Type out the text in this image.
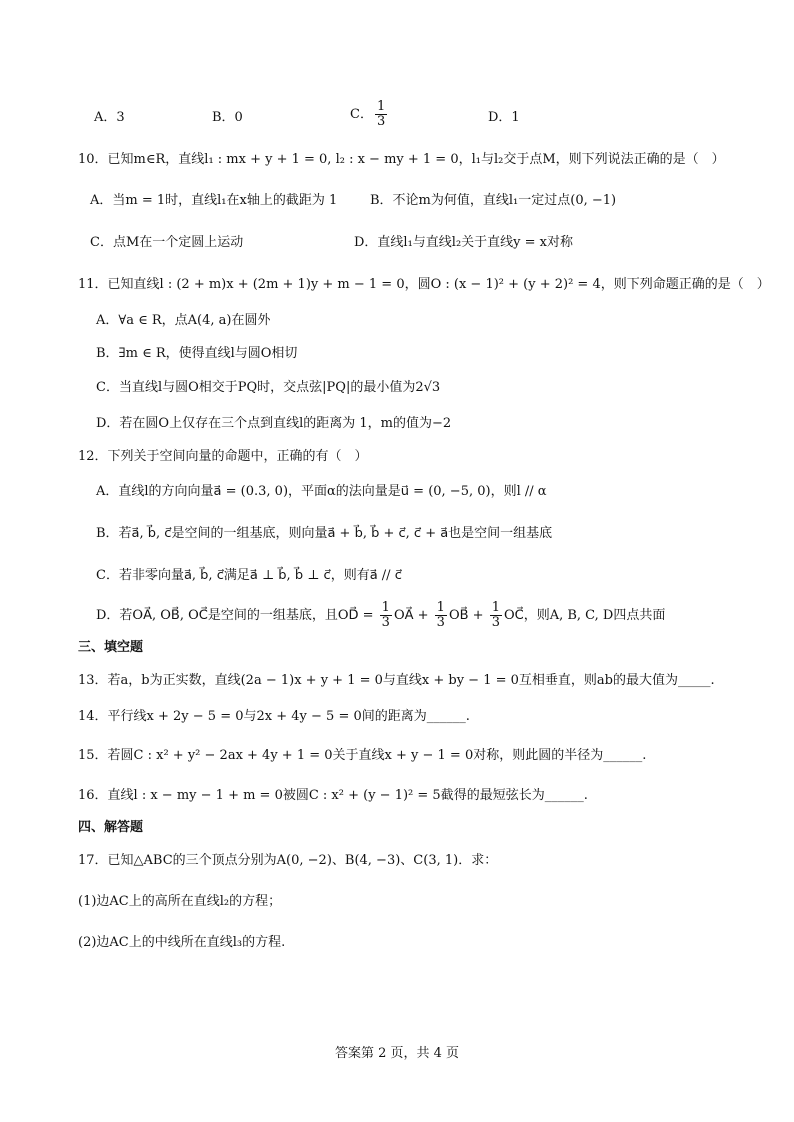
A．3	B．0	C． $\frac{1}{3}$	D．1
10．已知m∈R，直线l₁ : mx + y + 1 = 0, l₂ : x − my + 1 = 0，l₁与l₂交于点M，则下列说法正确的是（　）
A．当m = 1时，直线l₁在x轴上的截距为 1	B．不论m为何值，直线l₁一定过点(0, −1)
C．点M在一个定圆上运动	D．直线l₁与直线l₂关于直线y = x对称
11．已知直线l : (2 + m)x + (2m + 1)y + m − 1 = 0，圆O : (x − 1)² + (y + 2)² = 4，则下列命题正确的是（　）
A．∀a ∈ R，点A(4, a)在圆外
B．∃m ∈ R，使得直线l与圆O相切
C．当直线l与圆O相交于PQ时，交点弦|PQ|的最小值为2√3
D．若在圆O上仅存在三个点到直线l的距离为 1，m的值为−2
12．下列关于空间向量的命题中，正确的有（　）
A．直线l的方向向量a⃗ = (0.3, 0)，平面α的法向量是u⃗ = (0, −5, 0)，则l // α
B．若a⃗, b⃗, c⃗是空间的一组基底，则向量a⃗ + b⃗, b⃗ + c⃗, c⃗ + a⃗也是空间一组基底
C．若非零向量a⃗, b⃗, c⃗满足a⃗ ⊥ b⃗, b⃗ ⊥ c⃗，则有a⃗ // c⃗
D．若OA⃗, OB⃗, OC⃗是空间的一组基底，且OD⃗ = $\frac{1}{3}$ OA⃗ + $\frac{1}{3}$ OB⃗ + $\frac{1}{3}$ OC⃗，则A, B, C, D四点共面
三、填空题
13．若a，b为正实数，直线(2a − 1)x + y + 1 = 0与直线x + by − 1 = 0互相垂直，则ab的最大值为_____.
14．平行线x + 2y − 5 = 0与2x + 4y − 5 = 0间的距离为______.
15．若圆C : x² + y² − 2ax + 4y + 1 = 0关于直线x + y − 1 = 0对称，则此圆的半径为______.
16．直线l : x − my − 1 + m = 0被圆C : x² + (y − 1)² = 5截得的最短弦长为______.
四、解答题
17．已知△ABC的三个顶点分别为A(0, −2)、B(4, −3)、C(3, 1)．求：
(1)边AC上的高所在直线l₂的方程；
(2)边AC上的中线所在直线l₃的方程.
答案第 2 页，共 4 页
